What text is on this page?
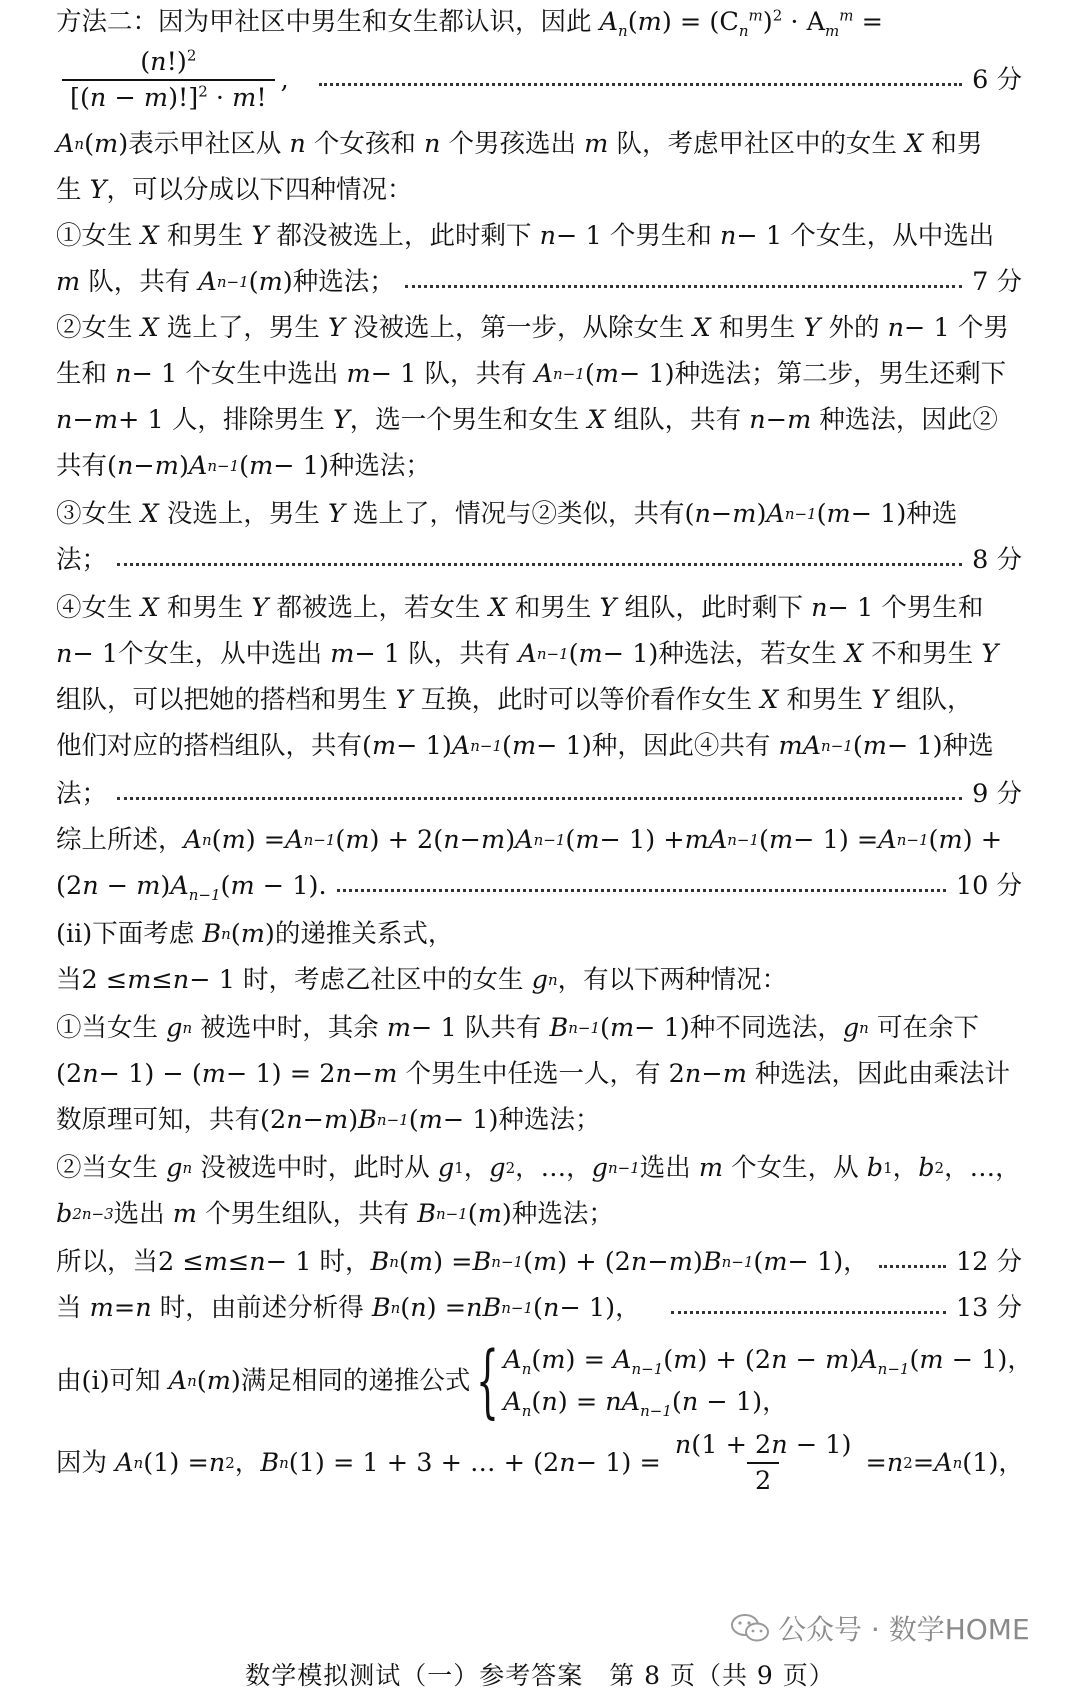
方法二：因为甲社区中男生和女生都认识，因此 $A_n(m) = (C_n^m)^2 \cdot A_m^m$ =
$\frac{(n!)^2}{[(n - m)!]^2 \cdot m!}$ ,	6 分
A n ( m ) 表示甲社区从
n
个女孩和
n
个男孩选出
m
队，考虑甲社区中的女生
X
和男
生
Y ，可以分成以下四种情况：
①女生
X
和男生
Y
都没被选上，此时剩下
n − 1 个男生和
n − 1 个女生，从中选出
m
队，共有
A n−1 ( m ) 种选法；	7 分
②女生
X
选上了，男生
Y
没被选上，第一步，从除女生
X
和男生
Y
外的
n − 1 个男
生和
n − 1 个女生中选出
m − 1 队，共有
A n−1 ( m − 1) 种选法；第二步，男生还剩下
n − m + 1 人，排除男生
Y ，选一个男生和女生
X
组队，共有
n − m
种选法，因此②
共有 ( n − m ) A n−1 ( m − 1) 种选法；
③女生
X
没选上，男生
Y
选上了，情况与②类似，共有 ( n − m ) A n−1 ( m − 1) 种选
法；	8 分
④女生
X
和男生
Y
都被选上，若女生
X
和男生
Y
组队，此时剩下
n − 1 个男生和
n − 1 个女生，从中选出
m − 1 队，共有
A n−1 ( m − 1) 种选法，若女生
X
不和男生
Y
组队，可以把她的搭档和男生
Y
互换，此时可以等价看作女生
X
和男生
Y
组队，
他们对应的搭档组队，共有 ( m − 1) A n−1 ( m − 1) 种，因此④共有
mA n−1 ( m − 1) 种选
法；	9 分
综上所述， A n ( m ) = A n−1 ( m ) + 2( n − m ) A n−1 ( m − 1) + mA n−1 ( m − 1) = A n−1 ( m ) +
$(2n - m)A_{n-1}(m - 1)$.	10 分
(ⅱ)下面考虑
B n ( m ) 的递推关系式，
当 2 ≤ m ≤ n − 1 时，考虑乙社区中的女生
g n ，有以下两种情况：
①当女生
g n
被选中时，其余
m − 1 队共有
B n−1 ( m − 1) 种不同选法， g n
可在余下
(2 n − 1) − ( m − 1) = 2 n − m
个男生中任选一人，有 2 n − m
种选法，因此由乘法计
数原理可知，共有 (2 n − m ) B n−1 ( m − 1) 种选法；
②当女生
g n
没被选中时，此时从
g 1 ， g 2 ，…， g n−1 选出
m
个女生，从
b 1 ， b 2 ，…，
b 2n−3 选出
m
个男生组队，共有
B n−1 ( m ) 种选法；
所以，当 2 ≤ m ≤ n − 1 时， B n ( m ) = B n−1 ( m ) + (2 n − m ) B n−1 ( m − 1)，	12 分
当
m = n
时，由前述分析得
B n ( n ) = nB n−1 ( n − 1)，	13 分
由(ⅰ)可知
A n ( m ) 满足相同的递推公式 { $A_n(m) = A_{n-1}(m) + (2n - m)A_{n-1}(m - 1)$，
$A_n(n) = nA_{n-1}(n - 1)$，
因为
A n (1) = n 2 ， B n (1) = 1 + 3 + … + (2 $n - 1) = \frac{n(1 + 2n - 1)}{2} = n$ 2 = A n (1)，
公众号 · 数学HOME
数学模拟测试（一）参考答案　第 8 页（共 9 页）
